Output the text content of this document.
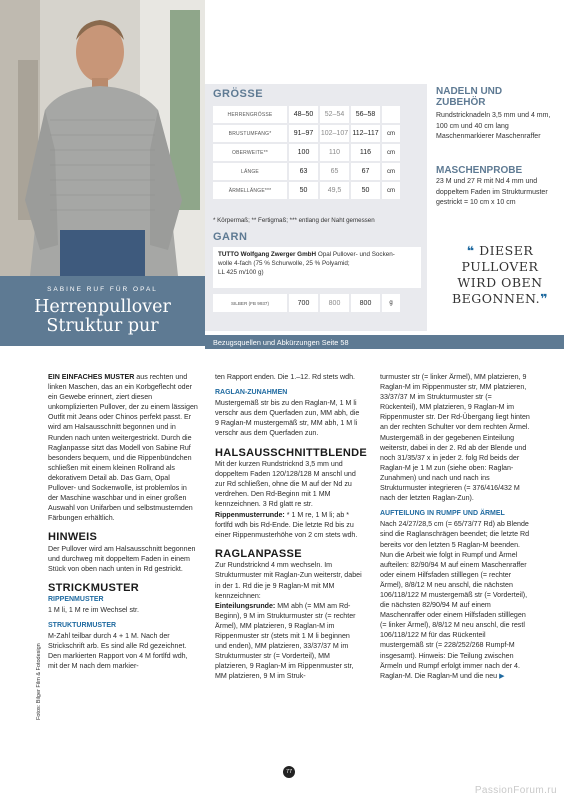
SABINE RUF FÜR OPAL
Herrenpullover
Struktur pur
GRÖSSE
HERRENGRÖSSE		48–50		52–54		56–58		
BRUSTUMFANG*		91–97		102–107		112–117		cm
OBERWEITE**		100		110		116		cm
LÄNGE		63		65		67		cm
ÄRMELLÄNGE***		50		49,5		50		cm
* Körpermaß; ** Fertigmaß; *** entlang der Naht gemessen
GARN
TUTTO Wolfgang Zwerger GmbH Opal Pullover- und Socken-
wolle 4-fach (75 % Schurwolle, 25 % Polyamid;
LL 425 m/100 g)
SILBER (FB 9937)		700		800		800		g
Bezugsquellen und Abkürzungen Seite 58
NADELN UND
ZUBEHÖR
Rundstricknadeln 3,5 mm und 4 mm, 100 cm und 40 cm lang Maschenmarkierer Maschenraffer
MASCHENPROBE
23 M und 27 R mit Nd 4 mm und doppeltem Faden im Strukturmuster gestrickt = 10 cm x 10 cm
❝ DIESER PULLOVER WIRD OBEN BEGONNEN.❞

EIN EINFACHES MUSTER aus rechten und linken Maschen, das an ein Korbgeflecht oder ein Gewebe erinnert, ziert diesen unkomplizierten Pullover, der zu einem lässigen Outfit mit Jeans oder Chinos perfekt passt. Er wird am Halsausschnitt begonnen und in Runden nach unten weitergestrickt. Durch die Raglanpasse sitzt das Modell von Sabine Ruf besonders bequem, und die Rippenbündchen schließen mit einem kleinen Rollrand als dekorativem Detail ab. Das Garn, Opal Pullover- und Sockenwolle, ist problemlos in der Maschine waschbar und in einer großen Auswahl von Unifarben und selbstmusternden Färbungen erhältlich.

HINWEIS

Der Pullover wird am Halsausschnitt begonnen und durchweg mit doppeltem Faden in einem Stück von oben nach unten in Rd gestrickt.

STRICKMUSTER
RIPPENMUSTER

1 M li, 1 M re im Wechsel str.

STRUKTURMUSTER

M-Zahl teilbar durch 4 + 1 M. Nach der Strickschrift arb. Es sind alle Rd gezeichnet. Den markierten Rapport von 4 M fortlfd wdh, mit der M nach dem markier-

ten Rapport enden. Die 1.–12. Rd stets wdh.

RAGLAN-ZUNAHMEN

Mustergemäß str bis zu den Raglan-M, 1 M li verschr aus dem Querfaden zun, MM abh, die 9 Raglan-M mustergemäß str, MM abh, 1 M li verschr aus dem Querfaden zun.

HALSAUSSCHNITTBLENDE

Mit der kurzen Rundstricknd 3,5 mm und doppeltem Faden 120/128/128 M anschl und zur Rd schließen, ohne die M auf der Nd zu verdrehen. Den Rd-Beginn mit 1 MM kennzeichnen. 3 Rd glatt re str.

Rippenmusterrunde: * 1 M re, 1 M li; ab * fortlfd wdh bis Rd-Ende. Die letzte Rd bis zu einer Rippenmusterhöhe von 2 cm stets wdh.

RAGLANPASSE

Zur Rundstricknd 4 mm wechseln. Im Strukturmuster mit Raglan-Zun weiterstr, dabei in der 1. Rd die je 9 Raglan-M mit MM kennzeichnen:

Einteilungsrunde: MM abh (= MM am Rd-Beginn), 9 M im Strukturmuster str (= rechter Ärmel), MM platzieren, 9 Raglan-M im Rippenmuster str (stets mit 1 M li beginnen und enden), MM platzieren, 33/37/37 M im Strukturmuster str (= Vorderteil), MM platzieren, 9 Raglan-M im Rippenmuster str, MM platzieren, 9 M im Struk-

turmuster str (= linker Ärmel), MM platzieren, 9 Raglan-M im Rippenmuster str, MM platzieren, 33/37/37 M im Strukturmuster str (= Rückenteil), MM platzieren, 9 Raglan-M im Rippenmuster str. Der Rd-Übergang liegt hinten an der rechten Schulter vor dem rechten Ärmel. Mustergemäß in der gegebenen Einteilung weiterstr, dabei in der 2. Rd ab der Blende und noch 31/35/37 x in jeder 2. folg Rd beids der Raglan-M je 1 M zun (siehe oben: Raglan-Zunahmen) und nach und nach ins Strukturmuster integrieren (= 376/416/432 M nach der letzten Raglan-Zun).

AUFTEILUNG IN RUMPF UND ÄRMEL

Nach 24/27/28,5 cm (= 65/73/77 Rd) ab Blende sind die Raglanschrägen beendet; die letzte Rd bereits vor den letzten 5 Raglan-M beenden. Nun die Arbeit wie folgt in Rumpf und Ärmel aufteilen: 82/90/94 M auf einem Maschenraffer oder einem Hilfsfaden stilllegen (= rechter Ärmel), 8/8/12 M neu anschl, die nächsten 106/118/122 M mustergemäß str (= Vorderteil), die nächsten 82/90/94 M auf einem Maschenraffer oder einem Hilfsfaden stilllegen (= linker Ärmel), 8/8/12 M neu anschl, die restl 106/118/122 M für das Rückenteil mustergemäß str (= 228/252/268 Rumpf-M insgesamt). Hinweis: Die Teilung zwischen Ärmeln und Rumpf erfolgt immer nach der 4. Raglan-M. Die Raglan-M und die neu ▶

Fotos: Bilger Film & Fotodesign
77
PassionForum.ru
